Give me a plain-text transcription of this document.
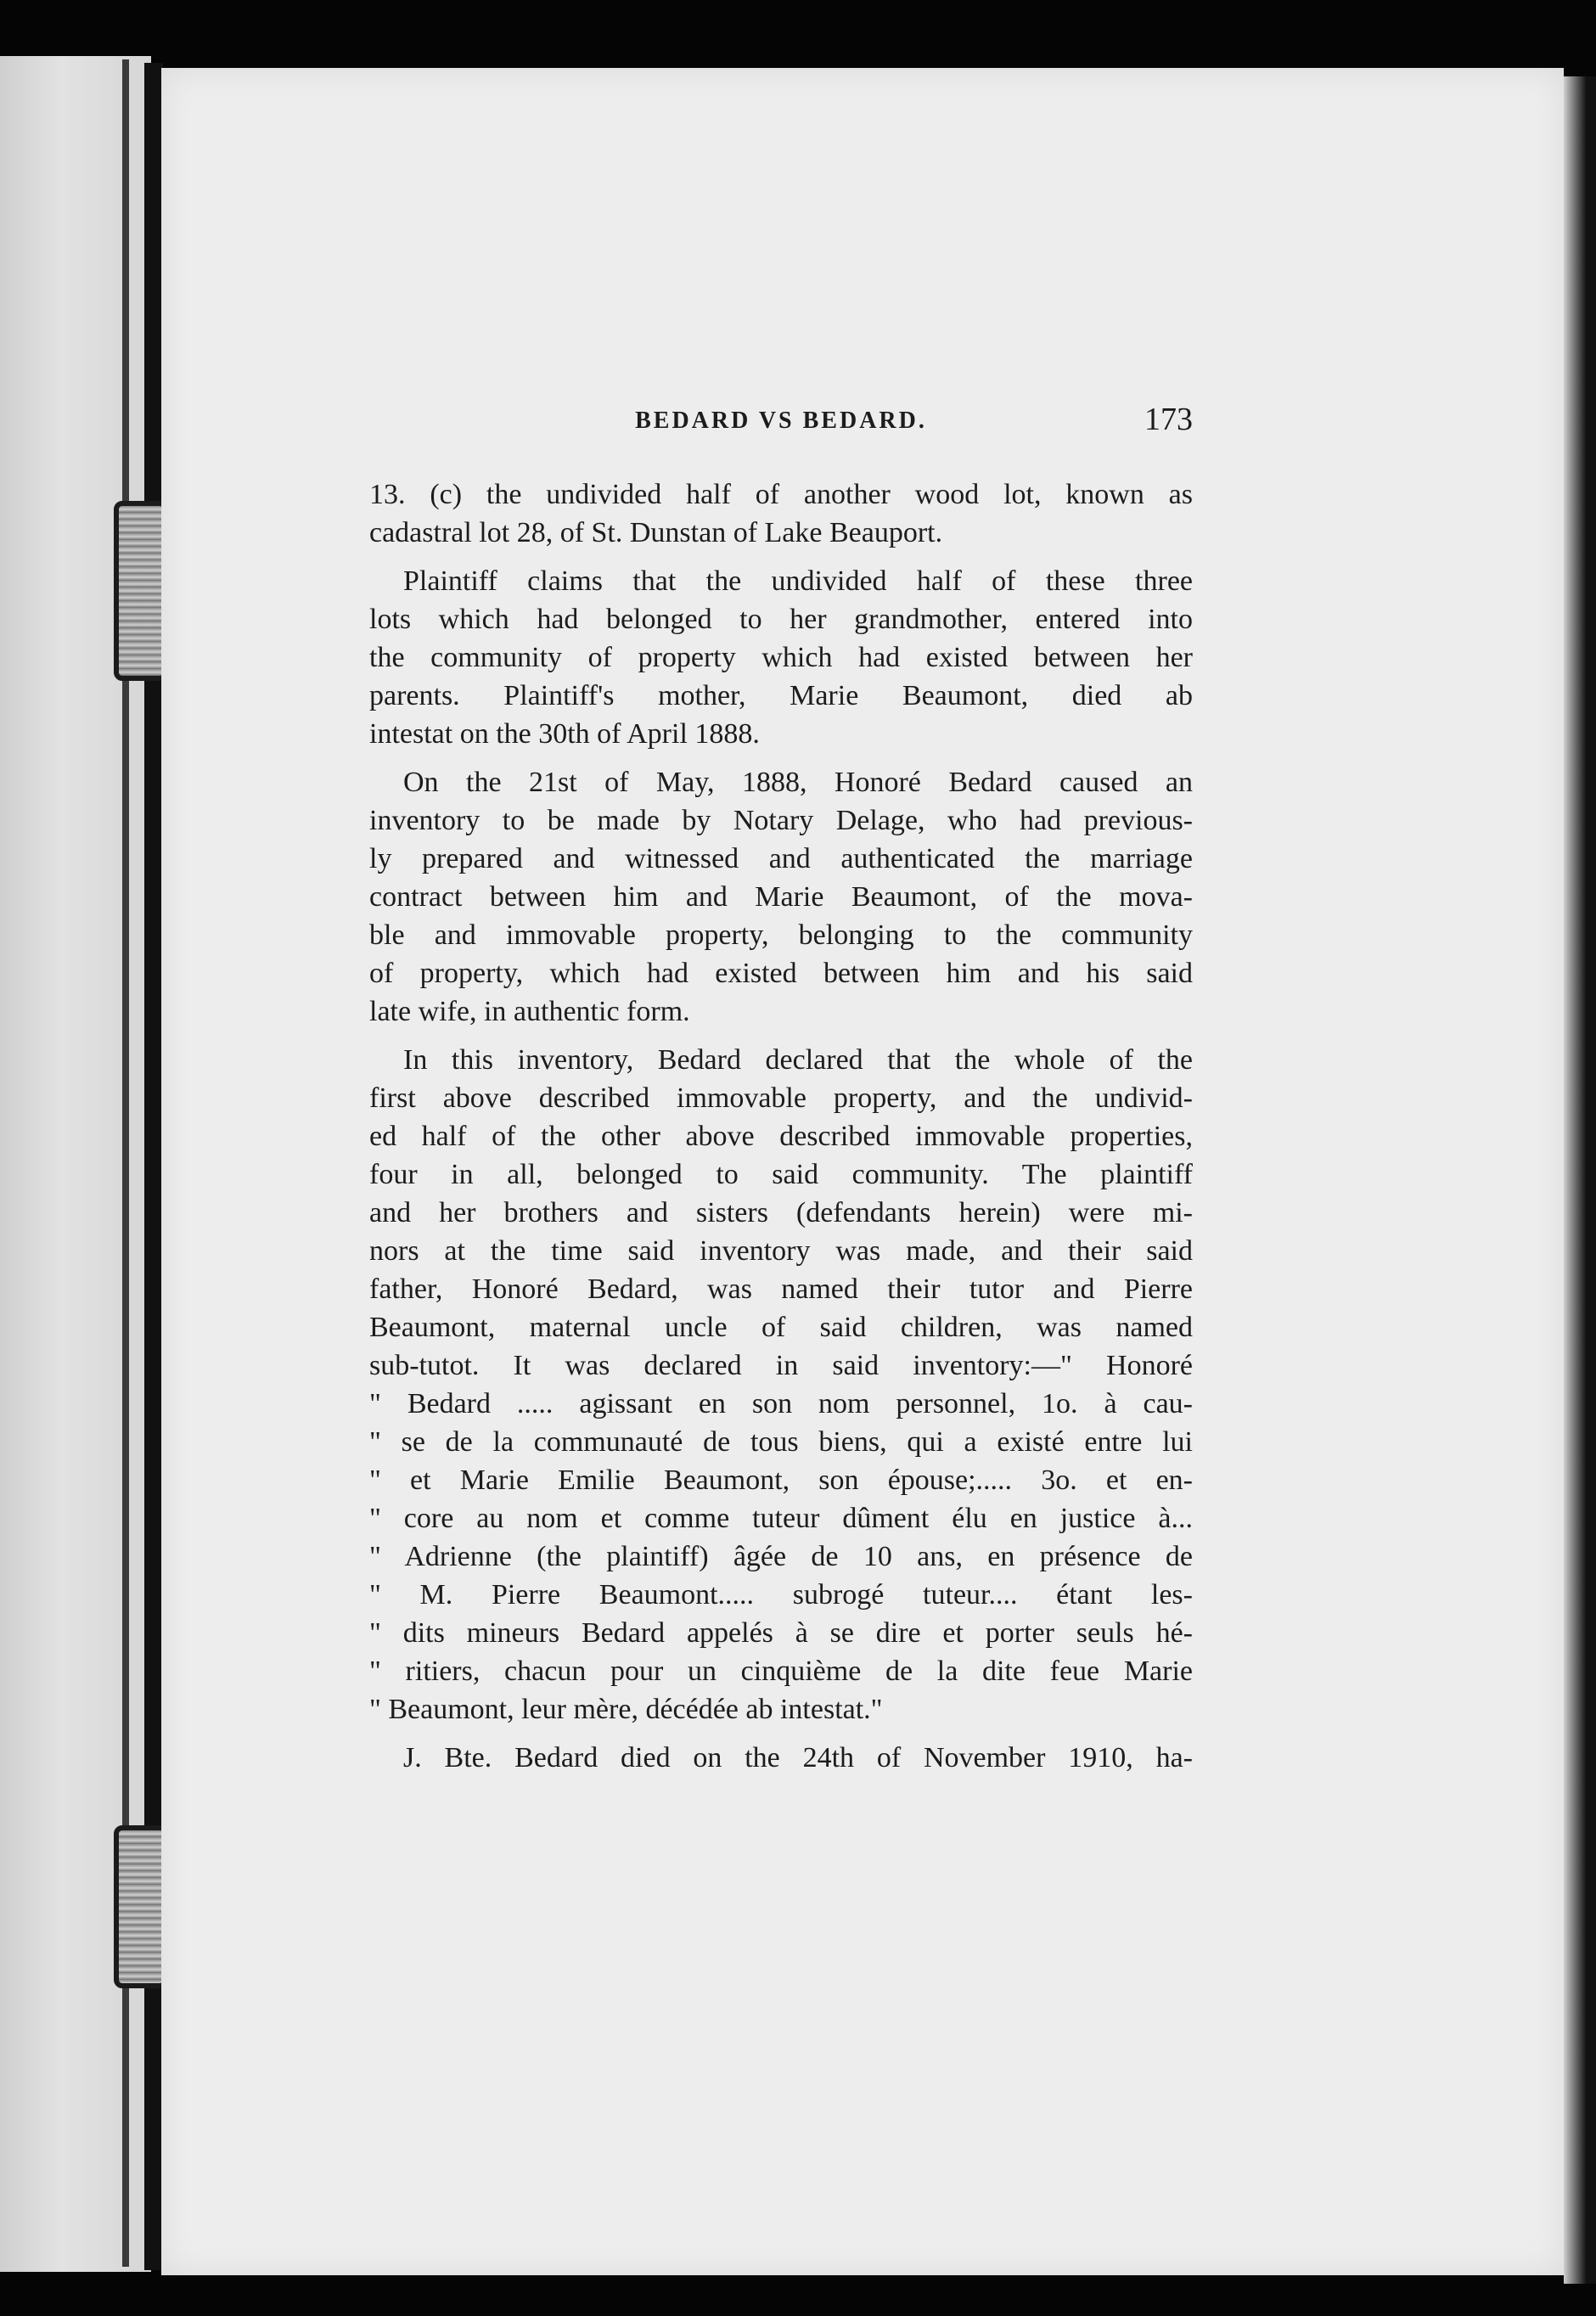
BEDARD VS BEDARD.	173

13. (c) the undivided half of another wood lot, known as

cadastral lot 28, of St. Dunstan of Lake Beauport.

Plaintiff claims that the undivided half of these three

lots which had belonged to her grandmother, entered into

the community of property which had existed between her

parents. Plaintiff's mother, Marie Beaumont, died ab

intestat on the 30th of April 1888.

On the 21st of May, 1888, Honoré Bedard caused an

inventory to be made by Notary Delage, who had previous-

ly prepared and witnessed and authenticated the marriage

contract between him and Marie Beaumont, of the mova-

ble and immovable property, belonging to the community

of property, which had existed between him and his said

late wife, in authentic form.

In this inventory, Bedard declared that the whole of the

first above described immovable property, and the undivid-

ed half of the other above described immovable properties,

four in all, belonged to said community. The plaintiff

and her brothers and sisters (defendants herein) were mi-

nors at the time said inventory was made, and their said

father, Honoré Bedard, was named their tutor and Pierre

Beaumont, maternal uncle of said children, was named

sub-tutot. It was declared in said inventory:—" Honoré

" Bedard ..... agissant en son nom personnel, 1o. à cau-

" se de la communauté de tous biens, qui a existé entre lui

" et Marie Emilie Beaumont, son épouse;..... 3o. et en-

" core au nom et comme tuteur dûment élu en justice à...

" Adrienne (the plaintiff) âgée de 10 ans, en présence de

" M. Pierre Beaumont..... subrogé tuteur.... étant les-

" dits mineurs Bedard appelés à se dire et porter seuls hé-

" ritiers, chacun pour un cinquième de la dite feue Marie

" Beaumont, leur mère, décédée ab intestat."

J. Bte. Bedard died on the 24th of November 1910, ha-
